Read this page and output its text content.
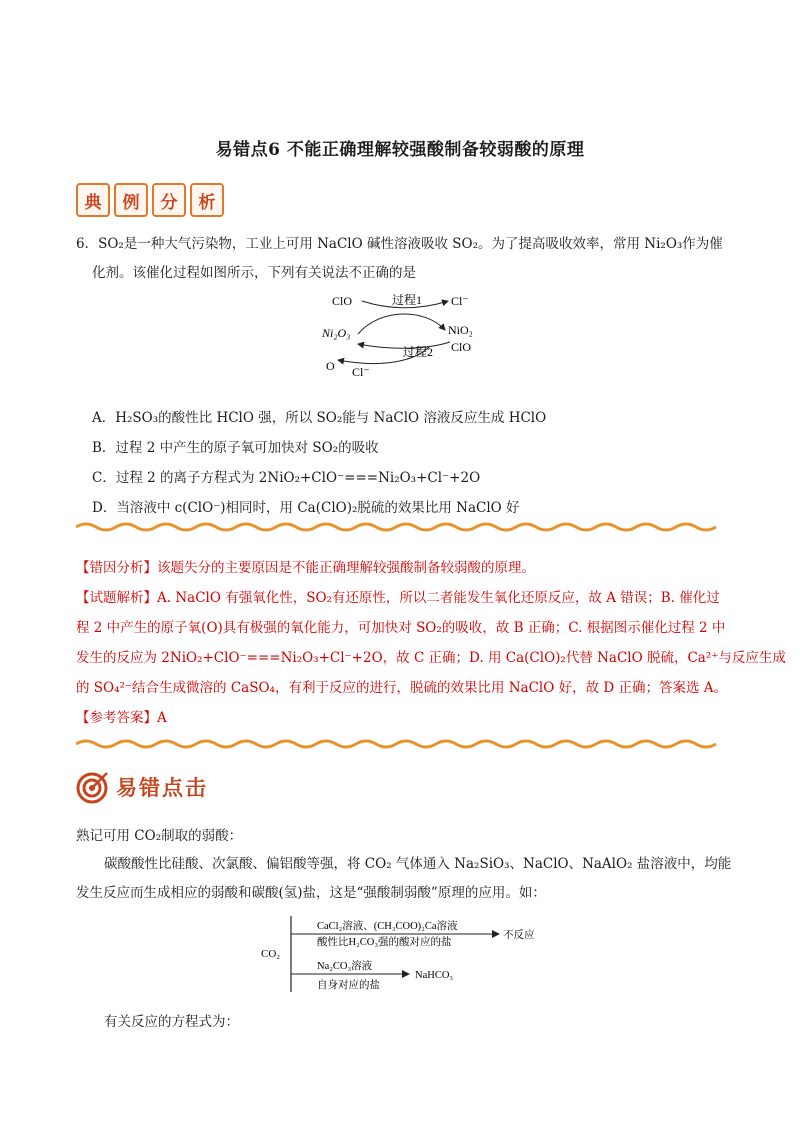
易错点6 不能正确理解较强酸制备较弱酸的原理
典	例	分	析
6．SO₂是一种大气污染物，工业上可用 NaClO 碱性溶液吸收 SO₂。为了提高吸收效率，常用 Ni₂O₃作为催
化剂。该催化过程如图所示，下列有关说法不正确的是
ClO	过程1 Cl⁻
Ni₂O₃	NiO₂
ClO
过程2
O Cl⁻
A．H₂SO₃的酸性比 HClO 强，所以 SO₂能与 NaClO 溶液反应生成 HClO
B．过程 2 中产生的原子氧可加快对 SO₂的吸收
C．过程 2 的离子方程式为 2NiO₂+ClO⁻===Ni₂O₃+Cl⁻+2O
D．当溶液中 c(ClO⁻)相同时，用 Ca(ClO)₂脱硫的效果比用 NaClO 好
【错因分析】该题失分的主要原因是不能正确理解较强酸制备较弱酸的原理。
【试题解析】A. NaClO 有强氧化性，SO₂有还原性，所以二者能发生氧化还原反应，故 A 错误；B. 催化过
程 2 中产生的原子氧(O)具有极强的氧化能力，可加快对 SO₂的吸收，故 B 正确；C. 根据图示催化过程 2 中
发生的反应为 2NiO₂+ClO⁻===Ni₂O₃+Cl⁻+2O，故 C 正确；D. 用 Ca(ClO)₂代替 NaClO 脱硫，Ca²⁺与反应生成
的 SO₄²⁻结合生成微溶的 CaSO₄，有利于反应的进行，脱硫的效果比用 NaClO 好，故 D 正确；答案选 A。
【参考答案】A
易错点击
熟记可用 CO₂制取的弱酸：
碳酸酸性比硅酸、次氯酸、偏铝酸等强，将 CO₂ 气体通入 Na₂SiO₃、NaClO、NaAlO₂ 盐溶液中，均能
发生反应而生成相应的弱酸和碳酸(氢)盐，这是“强酸制弱酸”原理的应用。如：
CO₂
CaCl₂溶液、(CH₃COO)₂Ca溶液
酸性比H₂CO₃强的酸对应的盐
不反应
Na₂CO₃溶液
自身对应的盐
NaHCO₃
有关反应的方程式为：
